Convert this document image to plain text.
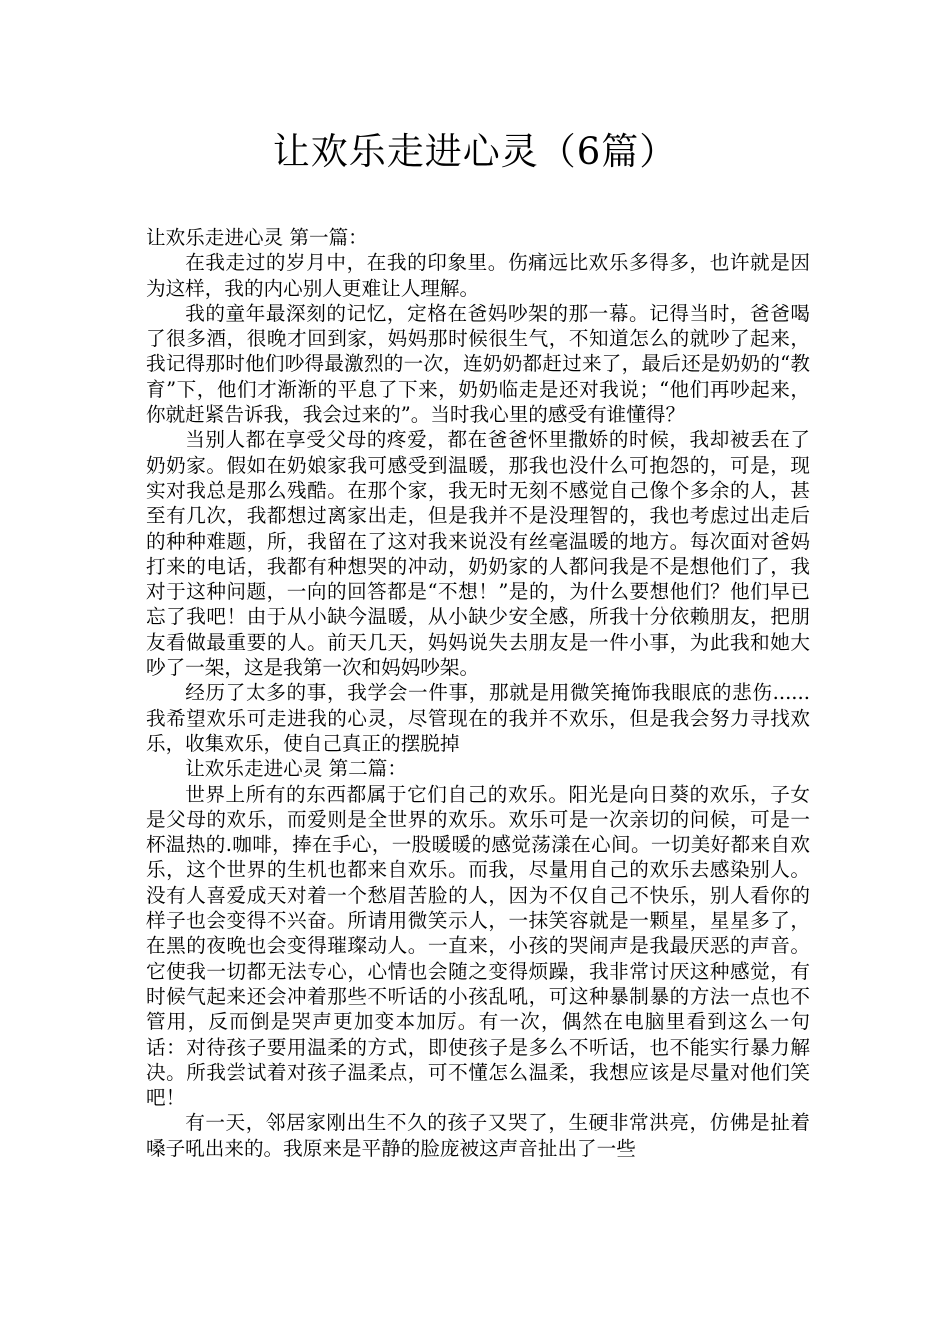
让欢乐走进心灵（6篇）

让欢乐走进心灵 第一篇：

在我走过的岁月中，在我的印象里。伤痛远比欢乐多得多，也许就是因为这样，我的内心别人更难让人理解。

我的童年最深刻的记忆，定格在爸妈吵架的那一幕。记得当时，爸爸喝了很多酒，很晚才回到家，妈妈那时候很生气，不知道怎么的就吵了起来，我记得那时他们吵得最激烈的一次，连奶奶都赶过来了，最后还是奶奶的“教育”下，他们才渐渐的平息了下来，奶奶临走是还对我说；“他们再吵起来，你就赶紧告诉我，我会过来的”。当时我心里的感受有谁懂得？

当别人都在享受父母的疼爱，都在爸爸怀里撒娇的时候，我却被丢在了奶奶家。假如在奶娘家我可感受到温暖，那我也没什么可抱怨的，可是，现实对我总是那么残酷。在那个家，我无时无刻不感觉自己像个多余的人，甚至有几次，我都想过离家出走，但是我并不是没理智的，我也考虑过出走后的种种难题，所，我留在了这对我来说没有丝毫温暖的地方。每次面对爸妈打来的电话，我都有种想哭的冲动，奶奶家的人都问我是不是想他们了，我对于这种问题，一向的回答都是“不想！”是的，为什么要想他们？他们早已忘了我吧！由于从小缺今温暖，从小缺少安全感，所我十分依赖朋友，把朋友看做最重要的人。前天几天，妈妈说失去朋友是一件小事，为此我和她大吵了一架，这是我第一次和妈妈吵架。

经历了太多的事，我学会一件事，那就是用微笑掩饰我眼底的悲伤......我希望欢乐可走进我的心灵，尽管现在的我并不欢乐，但是我会努力寻找欢乐，收集欢乐，使自己真正的摆脱掉

让欢乐走进心灵 第二篇：

世界上所有的东西都属于它们自己的欢乐。阳光是向日葵的欢乐，子女是父母的欢乐，而爱则是全世界的欢乐。欢乐可是一次亲切的问候，可是一杯温热的.咖啡，捧在手心，一股暖暖的感觉荡漾在心间。一切美好都来自欢乐，这个世界的生机也都来自欢乐。而我，尽量用自己的欢乐去感染别人。没有人喜爱成天对着一个愁眉苦脸的人，因为不仅自己不快乐，别人看你的样子也会变得不兴奋。所请用微笑示人，一抹笑容就是一颗星，星星多了，在黑的夜晚也会变得璀璨动人。一直来，小孩的哭闹声是我最厌恶的声音。它使我一切都无法专心，心情也会随之变得烦躁，我非常讨厌这种感觉，有时候气起来还会冲着那些不听话的小孩乱吼，可这种暴制暴的方法一点也不管用，反而倒是哭声更加变本加厉。有一次，偶然在电脑里看到这么一句话：对待孩子要用温柔的方式，即使孩子是多么不听话，也不能实行暴力解决。所我尝试着对孩子温柔点，可不懂怎么温柔，我想应该是尽量对他们笑吧！

有一天，邻居家刚出生不久的孩子又哭了，生硬非常洪亮，仿佛是扯着嗓子吼出来的。我原来是平静的脸庞被这声音扯出了一些
